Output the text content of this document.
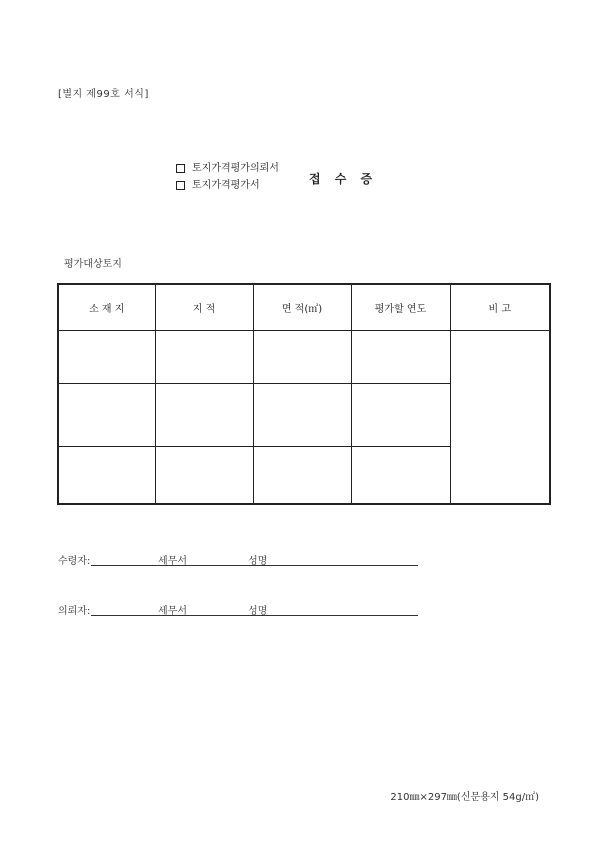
[별지 제99호 서식]
토지가격평가의뢰서
토지가격평가서	접 수 증
평가대상토지
소 재 지	지 적	면 적(㎡)	평가할 연도	비 고

수령자:	세무서	성명
의뢰자:	세무서	성명
210㎜×297㎜(신문용지 54g/㎡)
